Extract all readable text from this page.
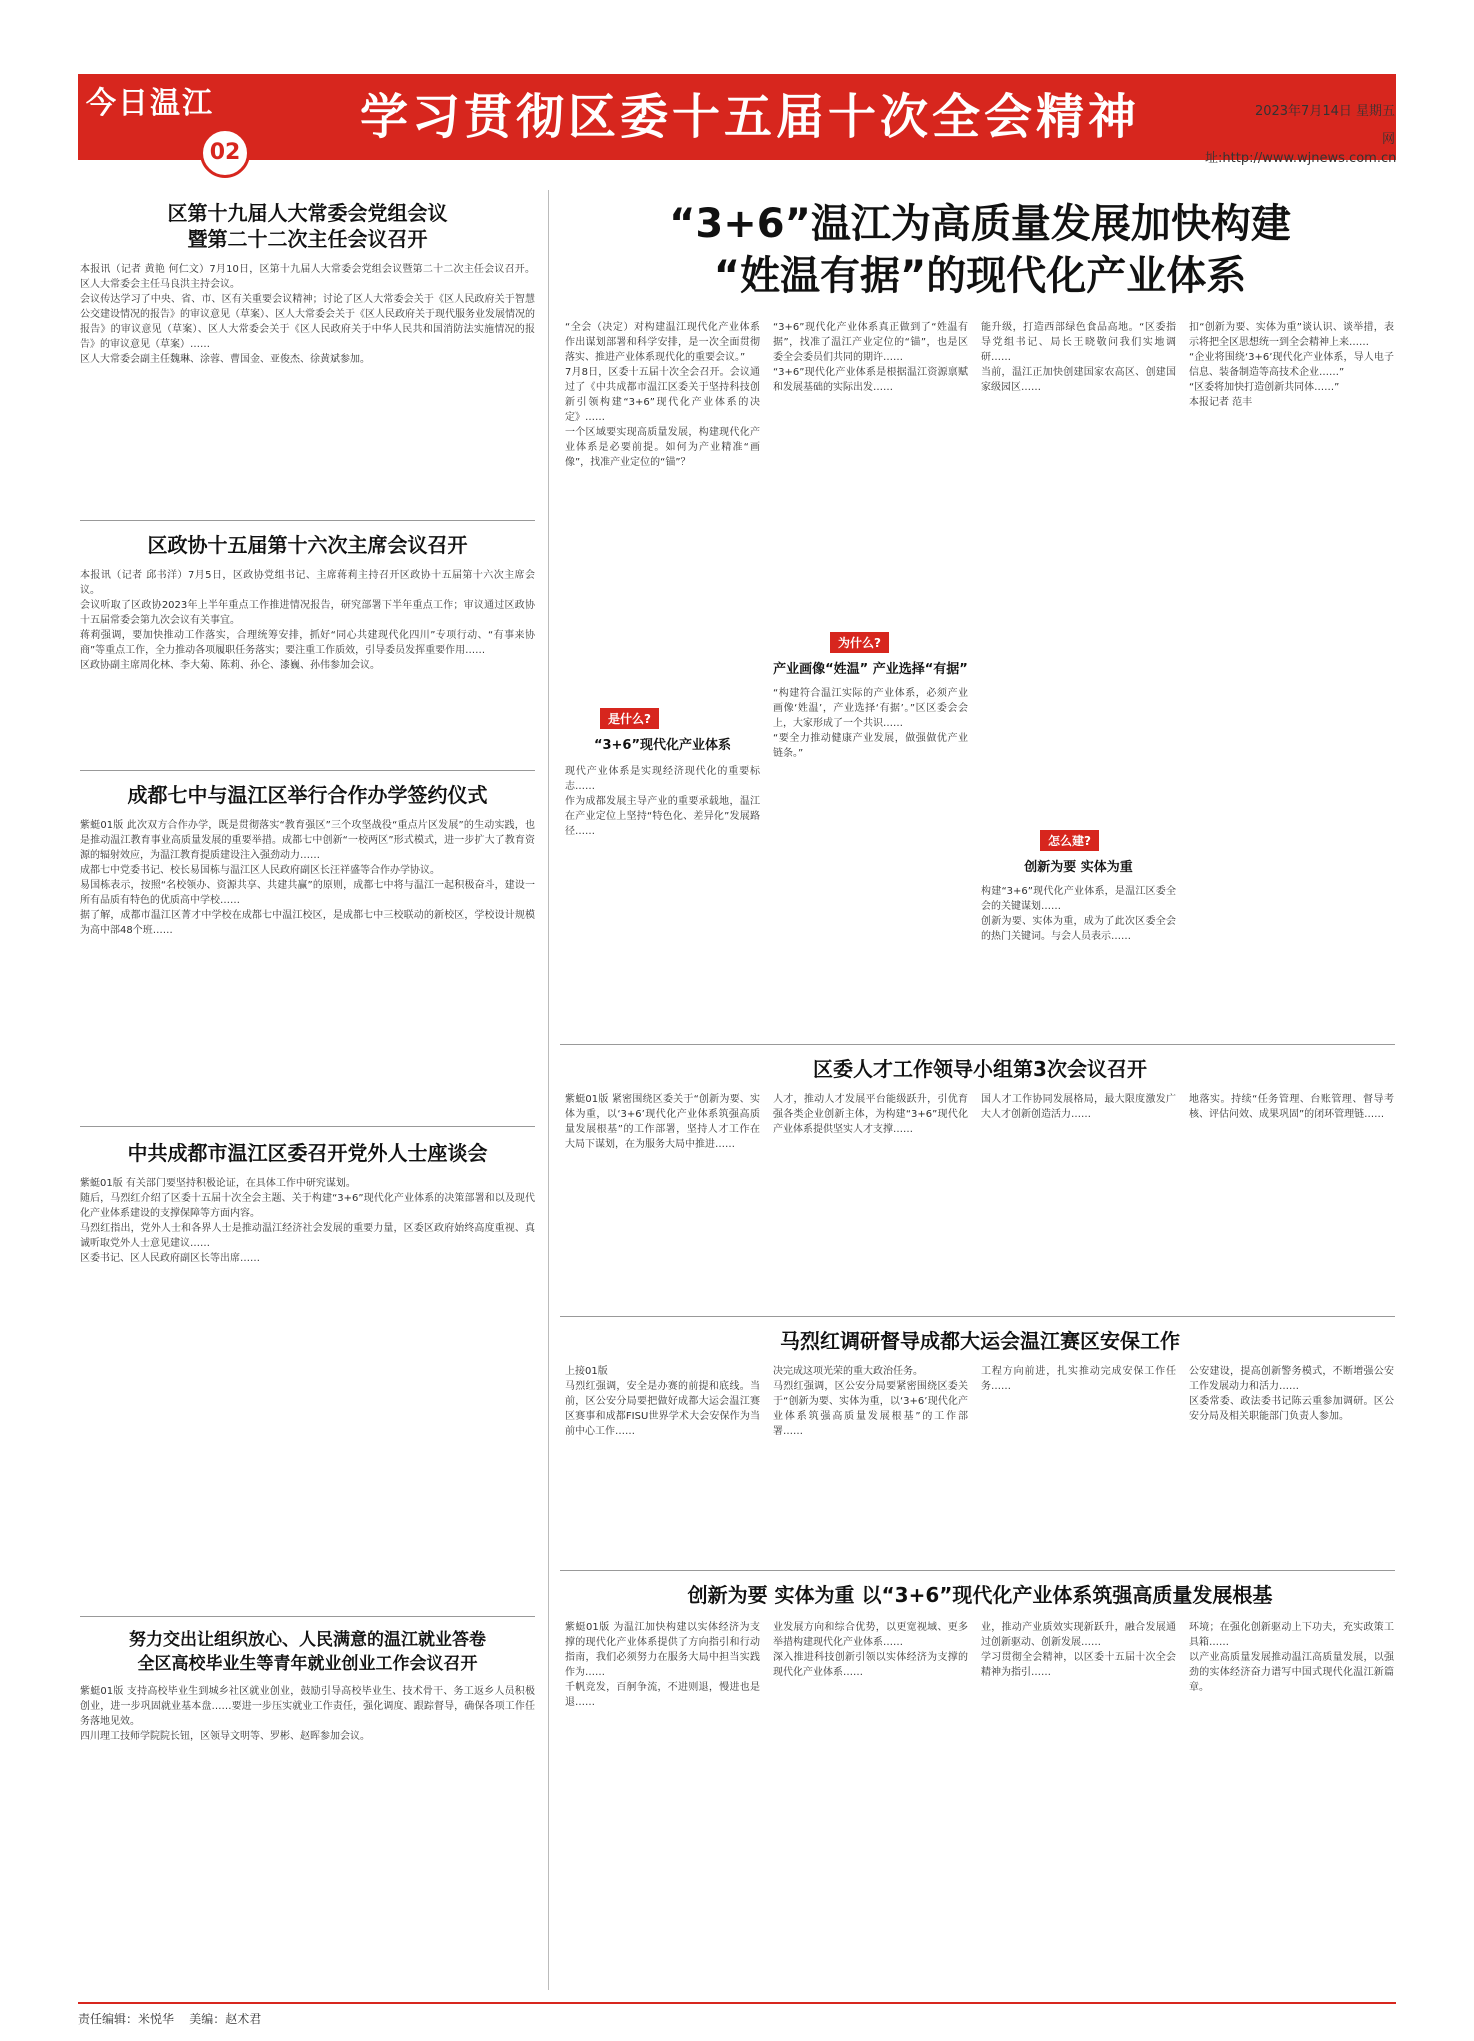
今日温江
02
学习贯彻区委十五届十次全会精神	2023年7月14日 星期五
网址:http://www.wjnews.com.cn
区第十九届人大常委会党组会议
暨第二十二次主任会议召开
本报讯（记者 黄艳 何仁文）7月10日，区第十九届人大常委会党组会议暨第二十二次主任会议召开。区人大常委会主任马良洪主持会议。
会议传达学习了中央、省、市、区有关重要会议精神；讨论了区人大常委会关于《区人民政府关于智慧公交建设情况的报告》的审议意见（草案）、区人大常委会关于《区人民政府关于现代服务业发展情况的报告》的审议意见（草案）、区人大常委会关于《区人民政府关于中华人民共和国消防法实施情况的报告》的审议意见（草案）……
区人大常委会副主任魏琳、涂蓉、曹国金、亚俊杰、徐黄斌参加。
区政协十五届第十六次主席会议召开
本报讯（记者 邱书洋）7月5日，区政协党组书记、主席蒋莉主持召开区政协十五届第十六次主席会议。
会议听取了区政协2023年上半年重点工作推进情况报告，研究部署下半年重点工作；审议通过区政协十五届常委会第九次会议有关事宜。
蒋莉强调，要加快推动工作落实，合理统筹安排，抓好“同心共建现代化四川”专项行动、“有事来协商”等重点工作，全力推动各项履职任务落实；要注重工作质效，引导委员发挥重要作用……
区政协副主席周化林、李大菊、陈莉、孙仑、漆巍、孙伟参加会议。
成都七中与温江区举行合作办学签约仪式
紫蜓01版 此次双方合作办学，既是贯彻落实“教育强区”三个攻坚战役“重点片区发展”的生动实践，也是推动温江教育事业高质量发展的重要举措。成都七中创新“一校两区”形式模式，进一步扩大了教育资源的辐射效应，为温江教育提质建设注入强劲动力……
成都七中党委书记、校长易国栋与温江区人民政府副区长汪祥盛等合作办学协议。
易国栋表示，按照“名校领办、资源共享、共建共赢”的原则，成都七中将与温江一起积极奋斗，建设一所有品质有特色的优质高中学校……
据了解，成都市温江区菁才中学校在成都七中温江校区，是成都七中三校联动的新校区，学校设计规模为高中部48个班……
中共成都市温江区委召开党外人士座谈会
紫蜓01版 有关部门要坚持积极论证，在具体工作中研究谋划。
随后，马烈红介绍了区委十五届十次全会主题、关于构建“3+6”现代化产业体系的决策部署和以及现代化产业体系建设的支撑保障等方面内容。
马烈红指出，党外人士和各界人士是推动温江经济社会发展的重要力量，区委区政府始终高度重视、真诚听取党外人士意见建议……
区委书记、区人民政府副区长等出席……
努力交出让组织放心、人民满意的温江就业答卷
全区高校毕业生等青年就业创业工作会议召开
紫蜓01版 支持高校毕业生到城乡社区就业创业，鼓励引导高校毕业生、技术骨干、务工返乡人员积极创业，进一步巩固就业基本盘……要进一步压实就业工作责任，强化调度、跟踪督导，确保各项工作任务落地见效。
四川理工技师学院院长钮，区领导文明等、罗彬、赵晖参加会议。
“3+6”温江为高质量发展加快构建
“姓温有据”的现代化产业体系
“全会（决定）对构建温江现代化产业体系作出谋划部署和科学安排，是一次全面贯彻落实、推进产业体系现代化的重要会议。”
7月8日，区委十五届十次全会召开。会议通过了《中共成都市温江区委关于坚持科技创新引领构建“3+6”现代化产业体系的决定》……
一个区域要实现高质量发展，构建现代化产业体系是必要前提。如何为产业精准“画像”，找准产业定位的“锚”？
是什么?
“3+6”现代化产业体系
现代产业体系是实现经济现代化的重要标志……
作为成都发展主导产业的重要承载地，温江在产业定位上坚持“特色化、差异化”发展路径……
“3+6”现代化产业体系真正做到了“姓温有据”，找准了温江产业定位的“锚”，也是区委全会委员们共同的期许……
“3+6”现代化产业体系是根据温江资源禀赋和发展基础的实际出发……
为什么?
产业画像“姓温” 产业选择“有据”
“构建符合温江实际的产业体系，必须产业画像‘姓温’，产业选择‘有据’。”区区委会会上，大家形成了一个共识……
“要全力推动健康产业发展，做强做优产业链条。”
能升级，打造西部绿色食品高地。“区委指导党组书记、局长王晓敬问我们实地调研……
当前，温江正加快创建国家农高区、创建国家级园区……
怎么建?
创新为要 实体为重
构建“3+6”现代化产业体系，是温江区委全会的关键谋划……
创新为要、实体为重，成为了此次区委全会的热门关键词。与会人员表示……
扣“创新为要、实体为重”谈认识、谈举措，表示将把全区思想统一到全会精神上来……
“企业将围绕‘3+6’现代化产业体系，导人电子信息、装备制造等高技术企业……”
“区委将加快打造创新共同体……”
本报记者 范丰
区委人才工作领导小组第3次会议召开
紫蜓01版 紧密围绕区委关于“创新为要、实体为重，以‘3+6’现代化产业体系筑强高质量发展根基”的工作部署，坚持人才工作在大局下谋划，在为服务大局中推进……
人才，推动人才发展平台能级跃升，引优育强各类企业创新主体，为构建“3+6”现代化产业体系提供坚实人才支撑……
国人才工作协同发展格局，最大限度激发广大人才创新创造活力……
地落实。持续“任务管理、台账管理、督导考核、评估问效、成果巩固”的闭环管理链……
马烈红调研督导成都大运会温江赛区安保工作
上接01版
马烈红强调，安全是办赛的前提和底线。当前，区公安分局要把做好成都大运会温江赛区赛事和成都FISU世界学术大会安保作为当前中心工作……
决完成这项光荣的重大政治任务。
马烈红强调，区公安分局要紧密围绕区委关于“创新为要、实体为重，以‘3+6’现代化产业体系筑强高质量发展根基”的工作部署……
工程方向前进，扎实推动完成安保工作任务……
公安建设，提高创新警务模式，不断增强公安工作发展动力和活力……
区委常委、政法委书记陈云重参加调研。区公安分局及相关职能部门负责人参加。
创新为要 实体为重 以“3+6”现代化产业体系筑强高质量发展根基
紫蜓01版 为温江加快构建以实体经济为支撑的现代化产业体系提供了方向指引和行动指南，我们必须努力在服务大局中担当实践作为……
千帆竞发，百舸争流，不进则退，慢进也是退……
业发展方向和综合优势，以更宽视域、更多举措构建现代化产业体系……
深入推进科技创新引领以实体经济为支撑的现代化产业体系……
业，推动产业质效实现新跃升，融合发展通过创新驱动、创新发展……
学习贯彻全会精神，以区委十五届十次全会精神为指引……
环境；在强化创新驱动上下功夫，充实政策工具箱……
以产业高质量发展推动温江高质量发展，以强劲的实体经济奋力谱写中国式现代化温江新篇章。
责任编辑：米悦华 美编：赵术君
